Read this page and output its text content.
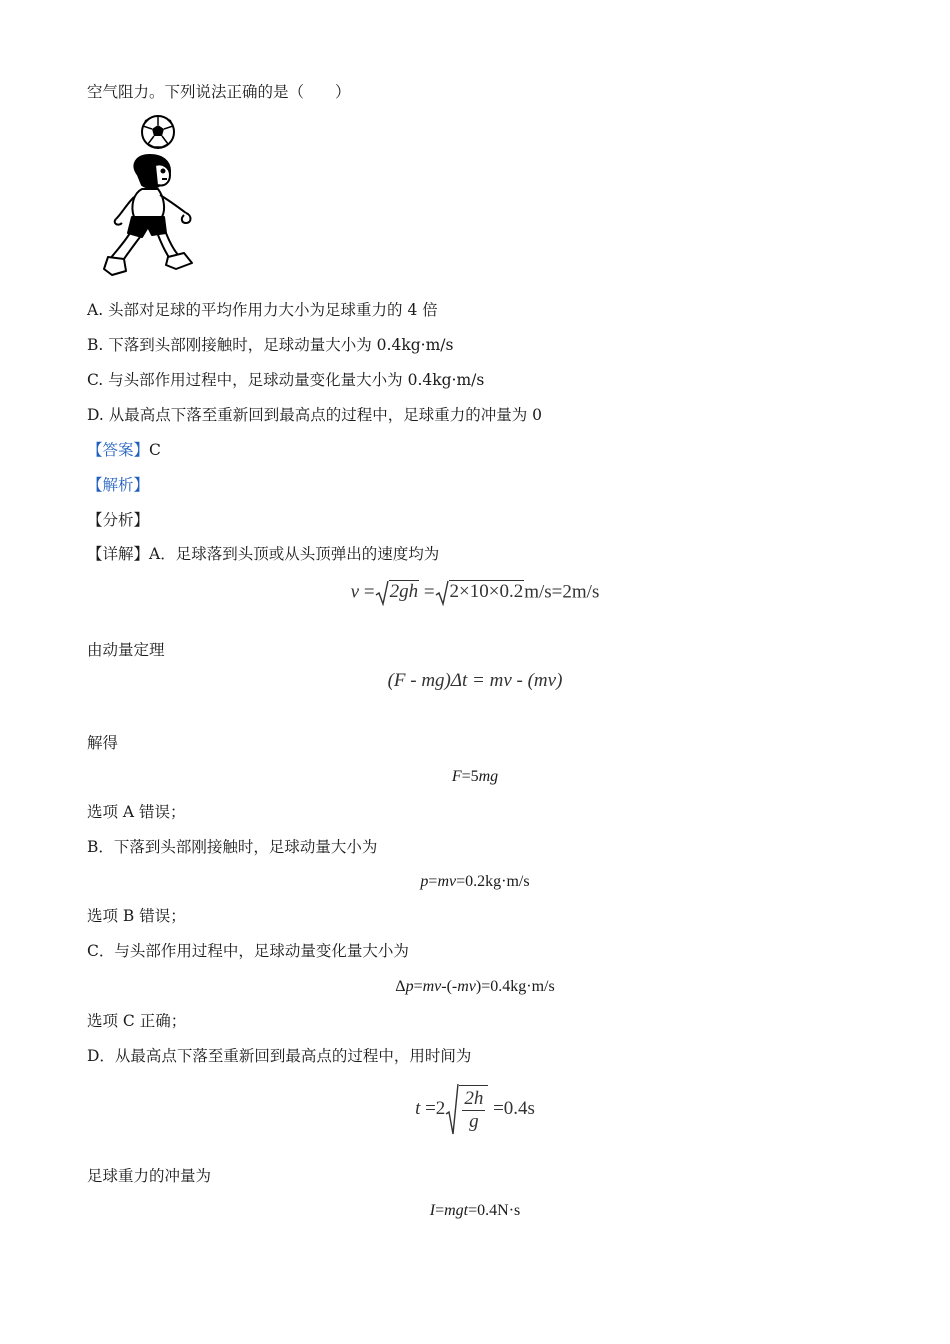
空气阻力。下列说法正确的是（　　）
A. 头部对足球的平均作用力大小为足球重力的 4 倍
B. 下落到头部刚接触时，足球动量大小为 0.4kg·m/s
C. 与头部作用过程中，足球动量变化量大小为 0.4kg·m/s
D. 从最高点下落至重新回到最高点的过程中，足球重力的冲量为 0
【答案】C
【解析】
【分析】
【详解】A．足球落到头顶或从头顶弹出的速度均为
v = 2gh = 2×10×0.2m/s=2m/s
由动量定理
(F - mg)Δt = mv - (mv)
解得
F=5mg
选项 A 错误；
B．下落到头部刚接触时，足球动量大小为
p=mv=0.2kg·m/s
选项 B 错误；
C．与头部作用过程中，足球动量变化量大小为
Δp=mv-(-mv)=0.4kg·m/s
选项 C 正确；
D．从最高点下落至重新回到最高点的过程中，用时间为
t
$=2 \frac{2h}{g}$
=0.4s
足球重力的冲量为
I=mgt=0.4N·s
